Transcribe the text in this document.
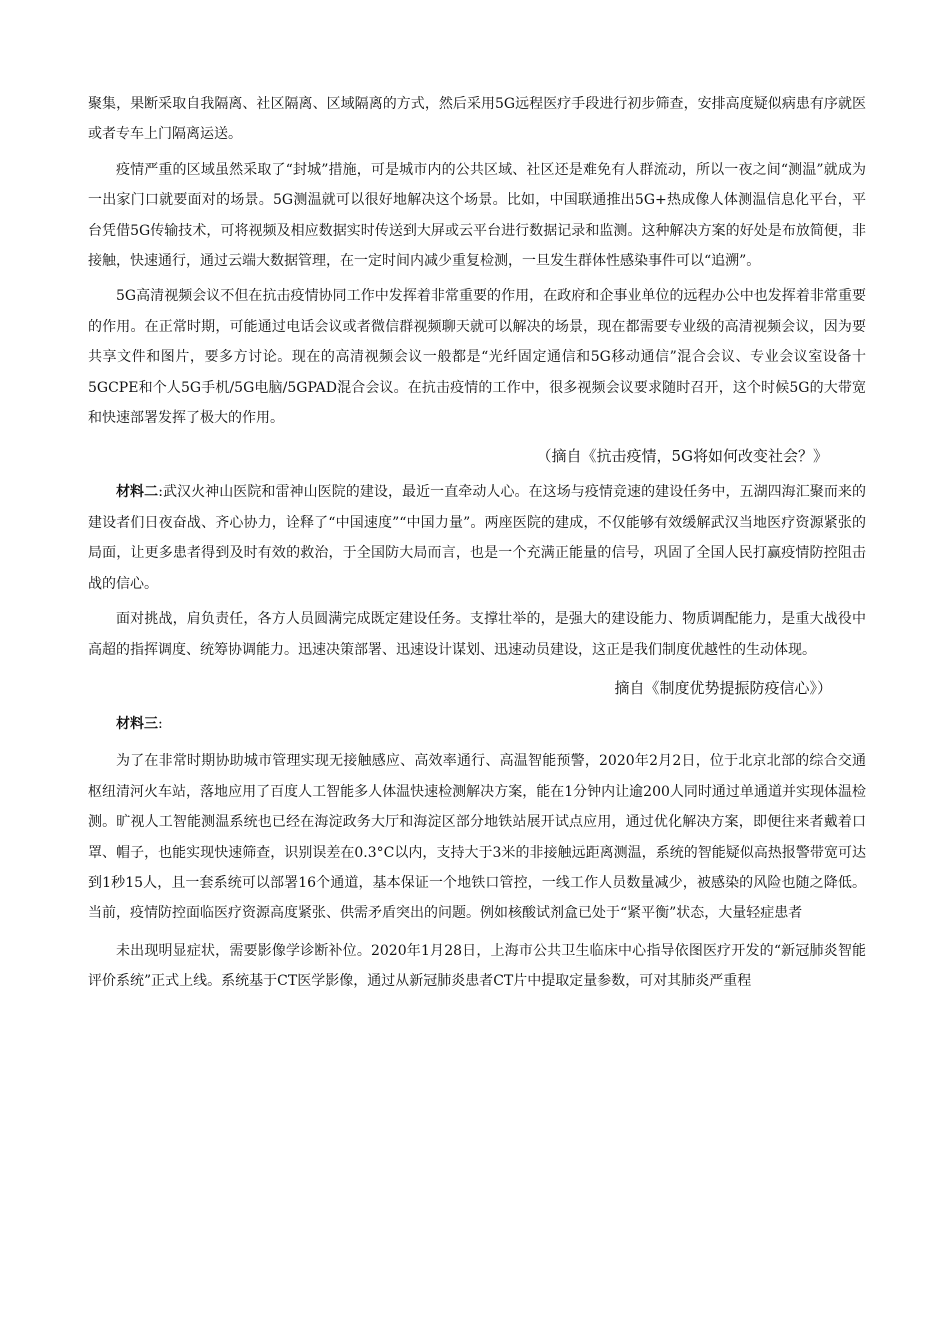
聚集，果断采取自我隔离、社区隔离、区域隔离的方式，然后采用5G远程医疗手段进行初步筛查，安排高度疑似病患有序就医或者专车上门隔离运送。

疫情严重的区域虽然采取了“封城”措施，可是城市内的公共区域、社区还是难免有人群流动，所以一夜之间“测温”就成为一出家门口就要面对的场景。5G测温就可以很好地解决这个场景。比如，中国联通推出5G+热成像人体测温信息化平台，平台凭借5G传输技术，可将视频及相应数据实时传送到大屏或云平台进行数据记录和监测。这种解决方案的好处是布放简便，非接触，快速通行，通过云端大数据管理，在一定时间内减少重复检测，一旦发生群体性感染事件可以“追溯”。

5G高清视频会议不但在抗击疫情协同工作中发挥着非常重要的作用，在政府和企事业单位的远程办公中也发挥着非常重要的作用。在正常时期，可能通过电话会议或者微信群视频聊天就可以解决的场景，现在都需要专业级的高清视频会议，因为要共享文件和图片，要多方讨论。现在的高清视频会议一般都是“光纤固定通信和5G移动通信”混合会议、专业会议室设备十5GCPE和个人5G手机/5G电脑/5GPAD混合会议。在抗击疫情的工作中，很多视频会议要求随时召开，这个时候5G的大带宽和快速部署发挥了极大的作用。

（摘自《抗击疫情，5G将如何改变社会？》

材料二:武汉火神山医院和雷神山医院的建设，最近一直牵动人心。在这场与疫情竞速的建设任务中，五湖四海汇聚而来的建设者们日夜奋战、齐心协力，诠释了“中国速度”“中国力量”。两座医院的建成，不仅能够有效缓解武汉当地医疗资源紧张的局面，让更多患者得到及时有效的救治，于全国防大局而言，也是一个充满正能量的信号，巩固了全国人民打赢疫情防控阻击战的信心。

面对挑战，肩负责任，各方人员圆满完成既定建设任务。支撑壮举的，是强大的建设能力、物质调配能力，是重大战役中高超的指挥调度、统筹协调能力。迅速决策部署、迅速设计谋划、迅速动员建设，这正是我们制度优越性的生动体现。

摘自《制度优势提振防疫信心》）

材料三:

为了在非常时期协助城市管理实现无接触感应、高效率通行、高温智能预警，2020年2月2日，位于北京北部的综合交通枢纽清河火车站，落地应用了百度人工智能多人体温快速检测解决方案，能在1分钟内让逾200人同时通过单通道并实现体温检测。旷视人工智能测温系统也已经在海淀政务大厅和海淀区部分地铁站展开试点应用，通过优化解决方案，即便往来者戴着口罩、帽子，也能实现快速筛查，识别误差在0.3°C以内，支持大于3米的非接触远距离测温，系统的智能疑似高热报警带宽可达到1秒15人，且一套系统可以部署16个通道，基本保证一个地铁口管控，一线工作人员数量减少，被感染的风险也随之降低。当前，疫情防控面临医疗资源高度紧张、供需矛盾突出的问题。例如核酸试剂盒已处于“紧平衡”状态，大量轻症患者

未出现明显症状，需要影像学诊断补位。2020年1月28日，上海市公共卫生临床中心指导依图医疗开发的“新冠肺炎智能评价系统”正式上线。系统基于CT医学影像，通过从新冠肺炎患者CT片中提取定量参数，可对其肺炎严重程
